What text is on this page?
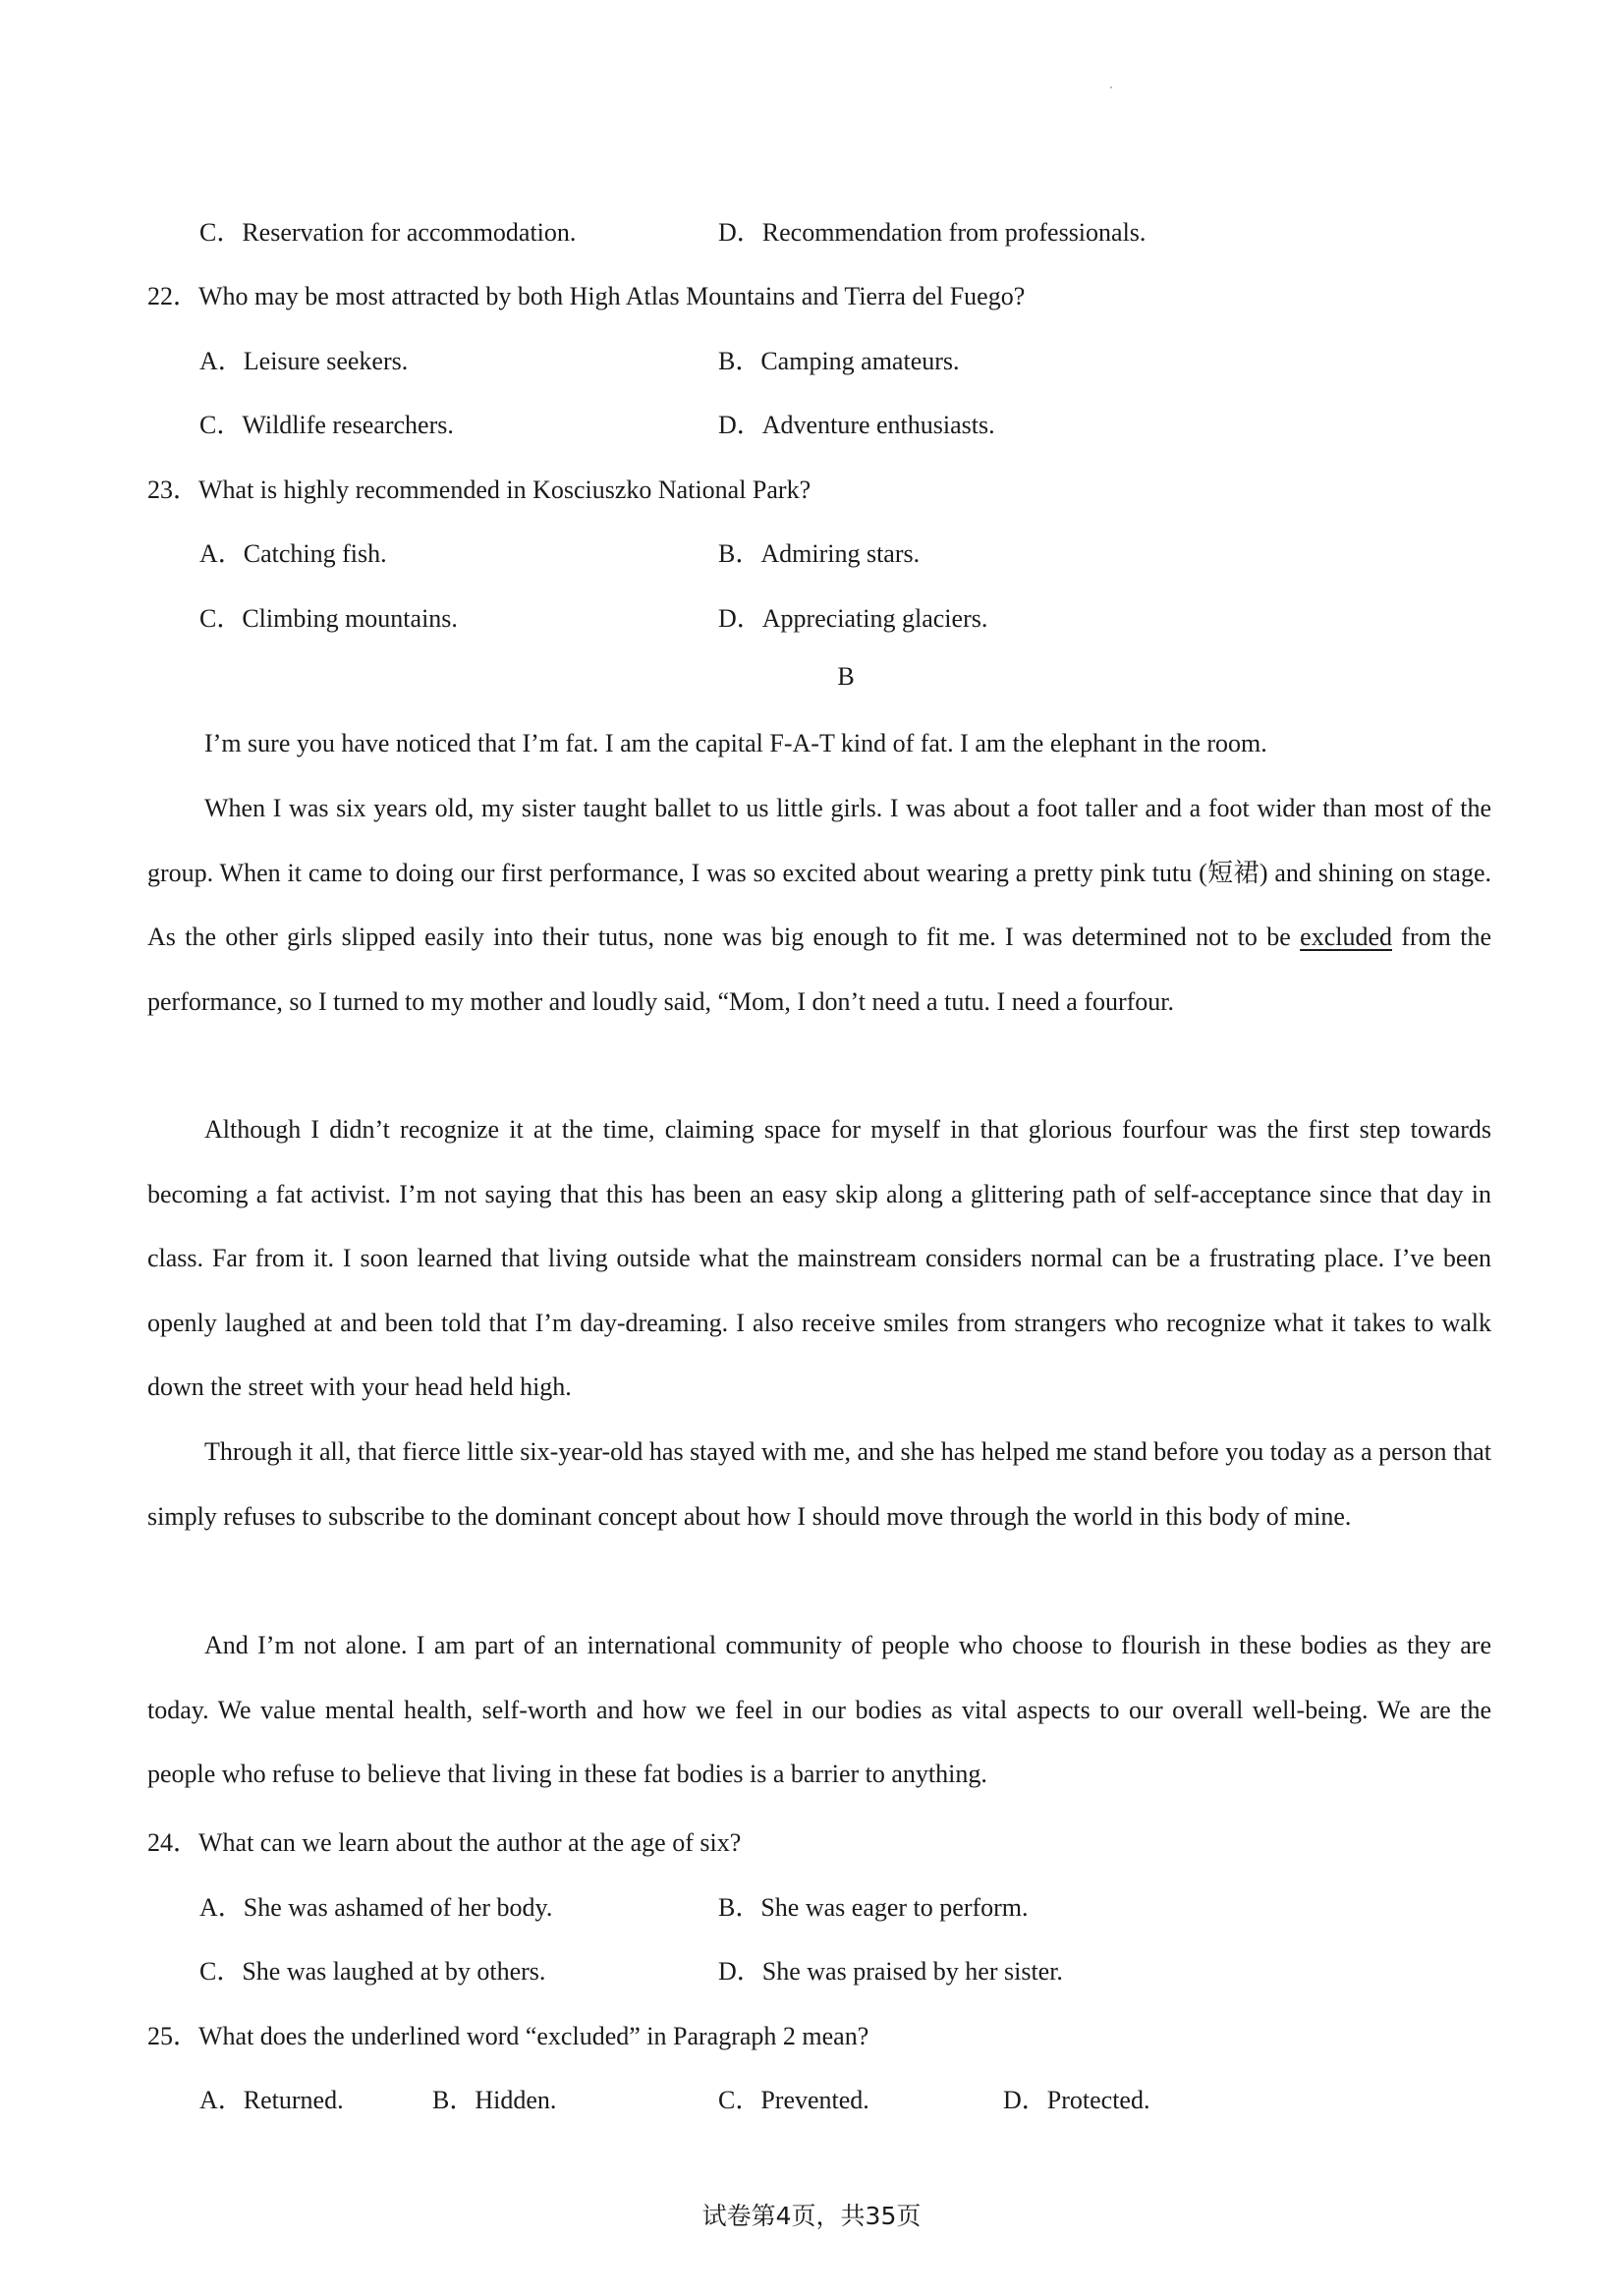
C．Reservation for accommodation.	D．Recommendation from professionals.
22．Who may be most attracted by both High Atlas Mountains and Tierra del Fuego?
A．Leisure seekers.	B．Camping amateurs.
C．Wildlife researchers.	D．Adventure enthusiasts.
23．What is highly recommended in Kosciuszko National Park?
A．Catching fish.	B．Admiring stars.
C．Climbing mountains.	D．Appreciating glaciers.
B

I’m sure you have noticed that I’m fat. I am the capital F-A-T kind of fat. I am the elephant in the room.

When I was six years old, my sister taught ballet to us little girls. I was about a foot taller and a foot wider than most of the group. When it came to doing our first performance, I was so excited about wearing a pretty pink tutu (短裙) and shining on stage. As the other girls slipped easily into their tutus, none was big enough to fit me. I was determined not to be excluded from the performance, so I turned to my mother and loudly said, “Mom, I don’t need a tutu. I need a fourfour.

Although I didn’t recognize it at the time, claiming space for myself in that glorious fourfour was the first step towards becoming a fat activist. I’m not saying that this has been an easy skip along a glittering path of self-acceptance since that day in class. Far from it. I soon learned that living outside what the mainstream considers normal can be a frustrating place. I’ve been openly laughed at and been told that I’m day-dreaming. I also receive smiles from strangers who recognize what it takes to walk down the street with your head held high.

Through it all, that fierce little six-year-old has stayed with me, and she has helped me stand before you today as a person that simply refuses to subscribe to the dominant concept about how I should move through the world in this body of mine.

And I’m not alone. I am part of an international community of people who choose to flourish in these bodies as they are today. We value mental health, self-worth and how we feel in our bodies as vital aspects to our overall well-being. We are the people who refuse to believe that living in these fat bodies is a barrier to anything.

24．What can we learn about the author at the age of six?
A．She was ashamed of her body.	B．She was eager to perform.
C．She was laughed at by others.	D．She was praised by her sister.
25．What does the underlined word “excluded” in Paragraph 2 mean?
A．Returned.	B．Hidden.	C．Prevented.	D．Protected.
试卷第4页，共35页
